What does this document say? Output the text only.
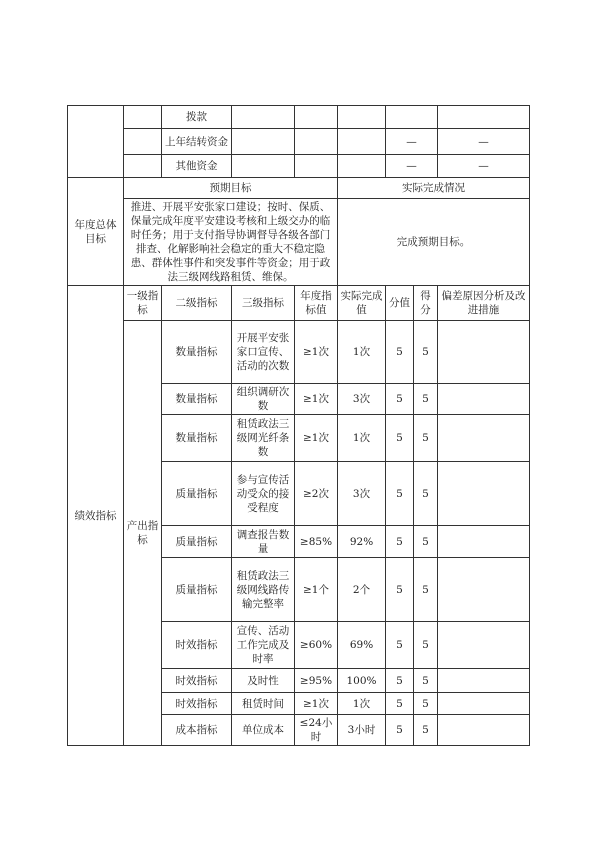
		拨款						
		上年结转资金				—		—
		其他资金				—		—
年度总体目标	预期目标				实际完成情况			
	推进、开展平安张家口建设；按时、保质、保量完成年度平安建设考核和上级交办的临时任务；用于支付指导协调督导各级各部门排查、化解影响社会稳定的重大不稳定隐患、群体性事件和突发事件等资金；用于政法三级网线路租赁、维保。				完成预期目标。			
绩效指标	一级指标	二级指标	三级指标	年度指标值	实际完成值	分值	得分	偏差原因分析及改进措施
	产出指标	数量指标	开展平安张家口宣传、活动的次数	≥1次	1次	5	5	
		数量指标	组织调研次数	≥1次	3次	5	5	
		数量指标	租赁政法三级网光纤条数	≥1次	1次	5	5	
		质量指标	参与宣传活动受众的接受程度	≥2次	3次	5	5	
		质量指标	调查报告数量	≥85%	92%	5	5	
		质量指标	租赁政法三级网线路传输完整率	≥1个	2个	5	5	
		时效指标	宣传、活动工作完成及时率	≥60%	69%	5	5	
		时效指标	及时性	≥95%	100%	5	5	
		时效指标	租赁时间	≥1次	1次	5	5	
		成本指标	单位成本	≤24小时	3小时	5	5	
